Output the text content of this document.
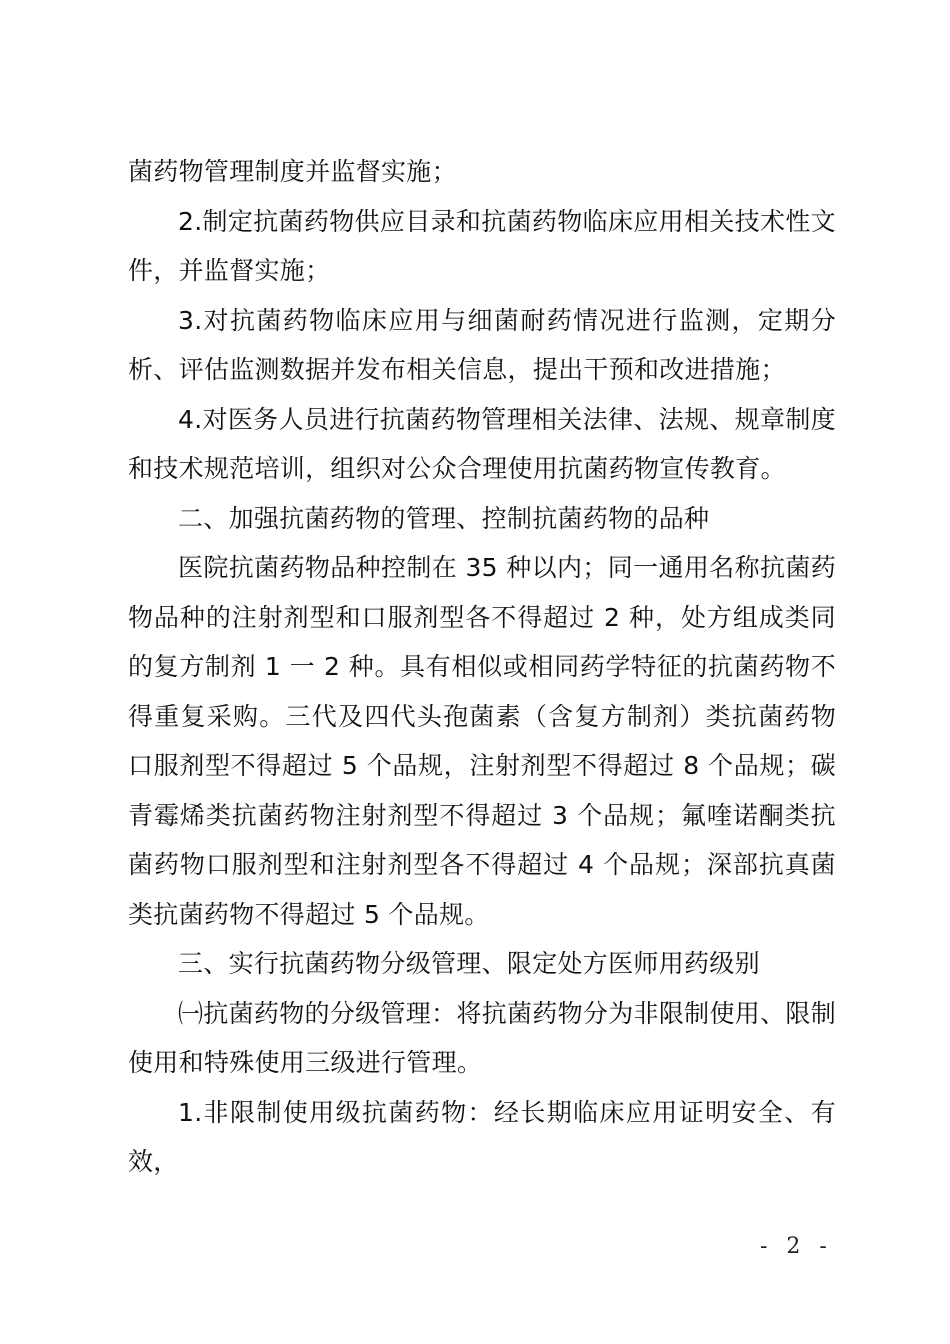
菌药物管理制度并监督实施；

2.制定抗菌药物供应目录和抗菌药物临床应用相关技术性文件，并监督实施；

3.对抗菌药物临床应用与细菌耐药情况进行监测，定期分析、评估监测数据并发布相关信息，提出干预和改进措施；

4.对医务人员进行抗菌药物管理相关法律、法规、规章制度和技术规范培训，组织对公众合理使用抗菌药物宣传教育。

二、加强抗菌药物的管理、控制抗菌药物的品种

医院抗菌药物品种控制在 35 种以内；同一通用名称抗菌药物品种的注射剂型和口服剂型各不得超过 2 种，处方组成类同的复方制剂 1 一 2 种。具有相似或相同药学特征的抗菌药物不得重复采购。三代及四代头孢菌素（含复方制剂）类抗菌药物口服剂型不得超过 5 个品规，注射剂型不得超过 8 个品规；碳青霉烯类抗菌药物注射剂型不得超过 3 个品规；氟喹诺酮类抗菌药物口服剂型和注射剂型各不得超过 4 个品规；深部抗真菌类抗菌药物不得超过 5 个品规。

三、实行抗菌药物分级管理、限定处方医师用药级别

㈠抗菌药物的分级管理：将抗菌药物分为非限制使用、限制使用和特殊使用三级进行管理。

1.非限制使用级抗菌药物：经长期临床应用证明安全、有效，

- 2 -
